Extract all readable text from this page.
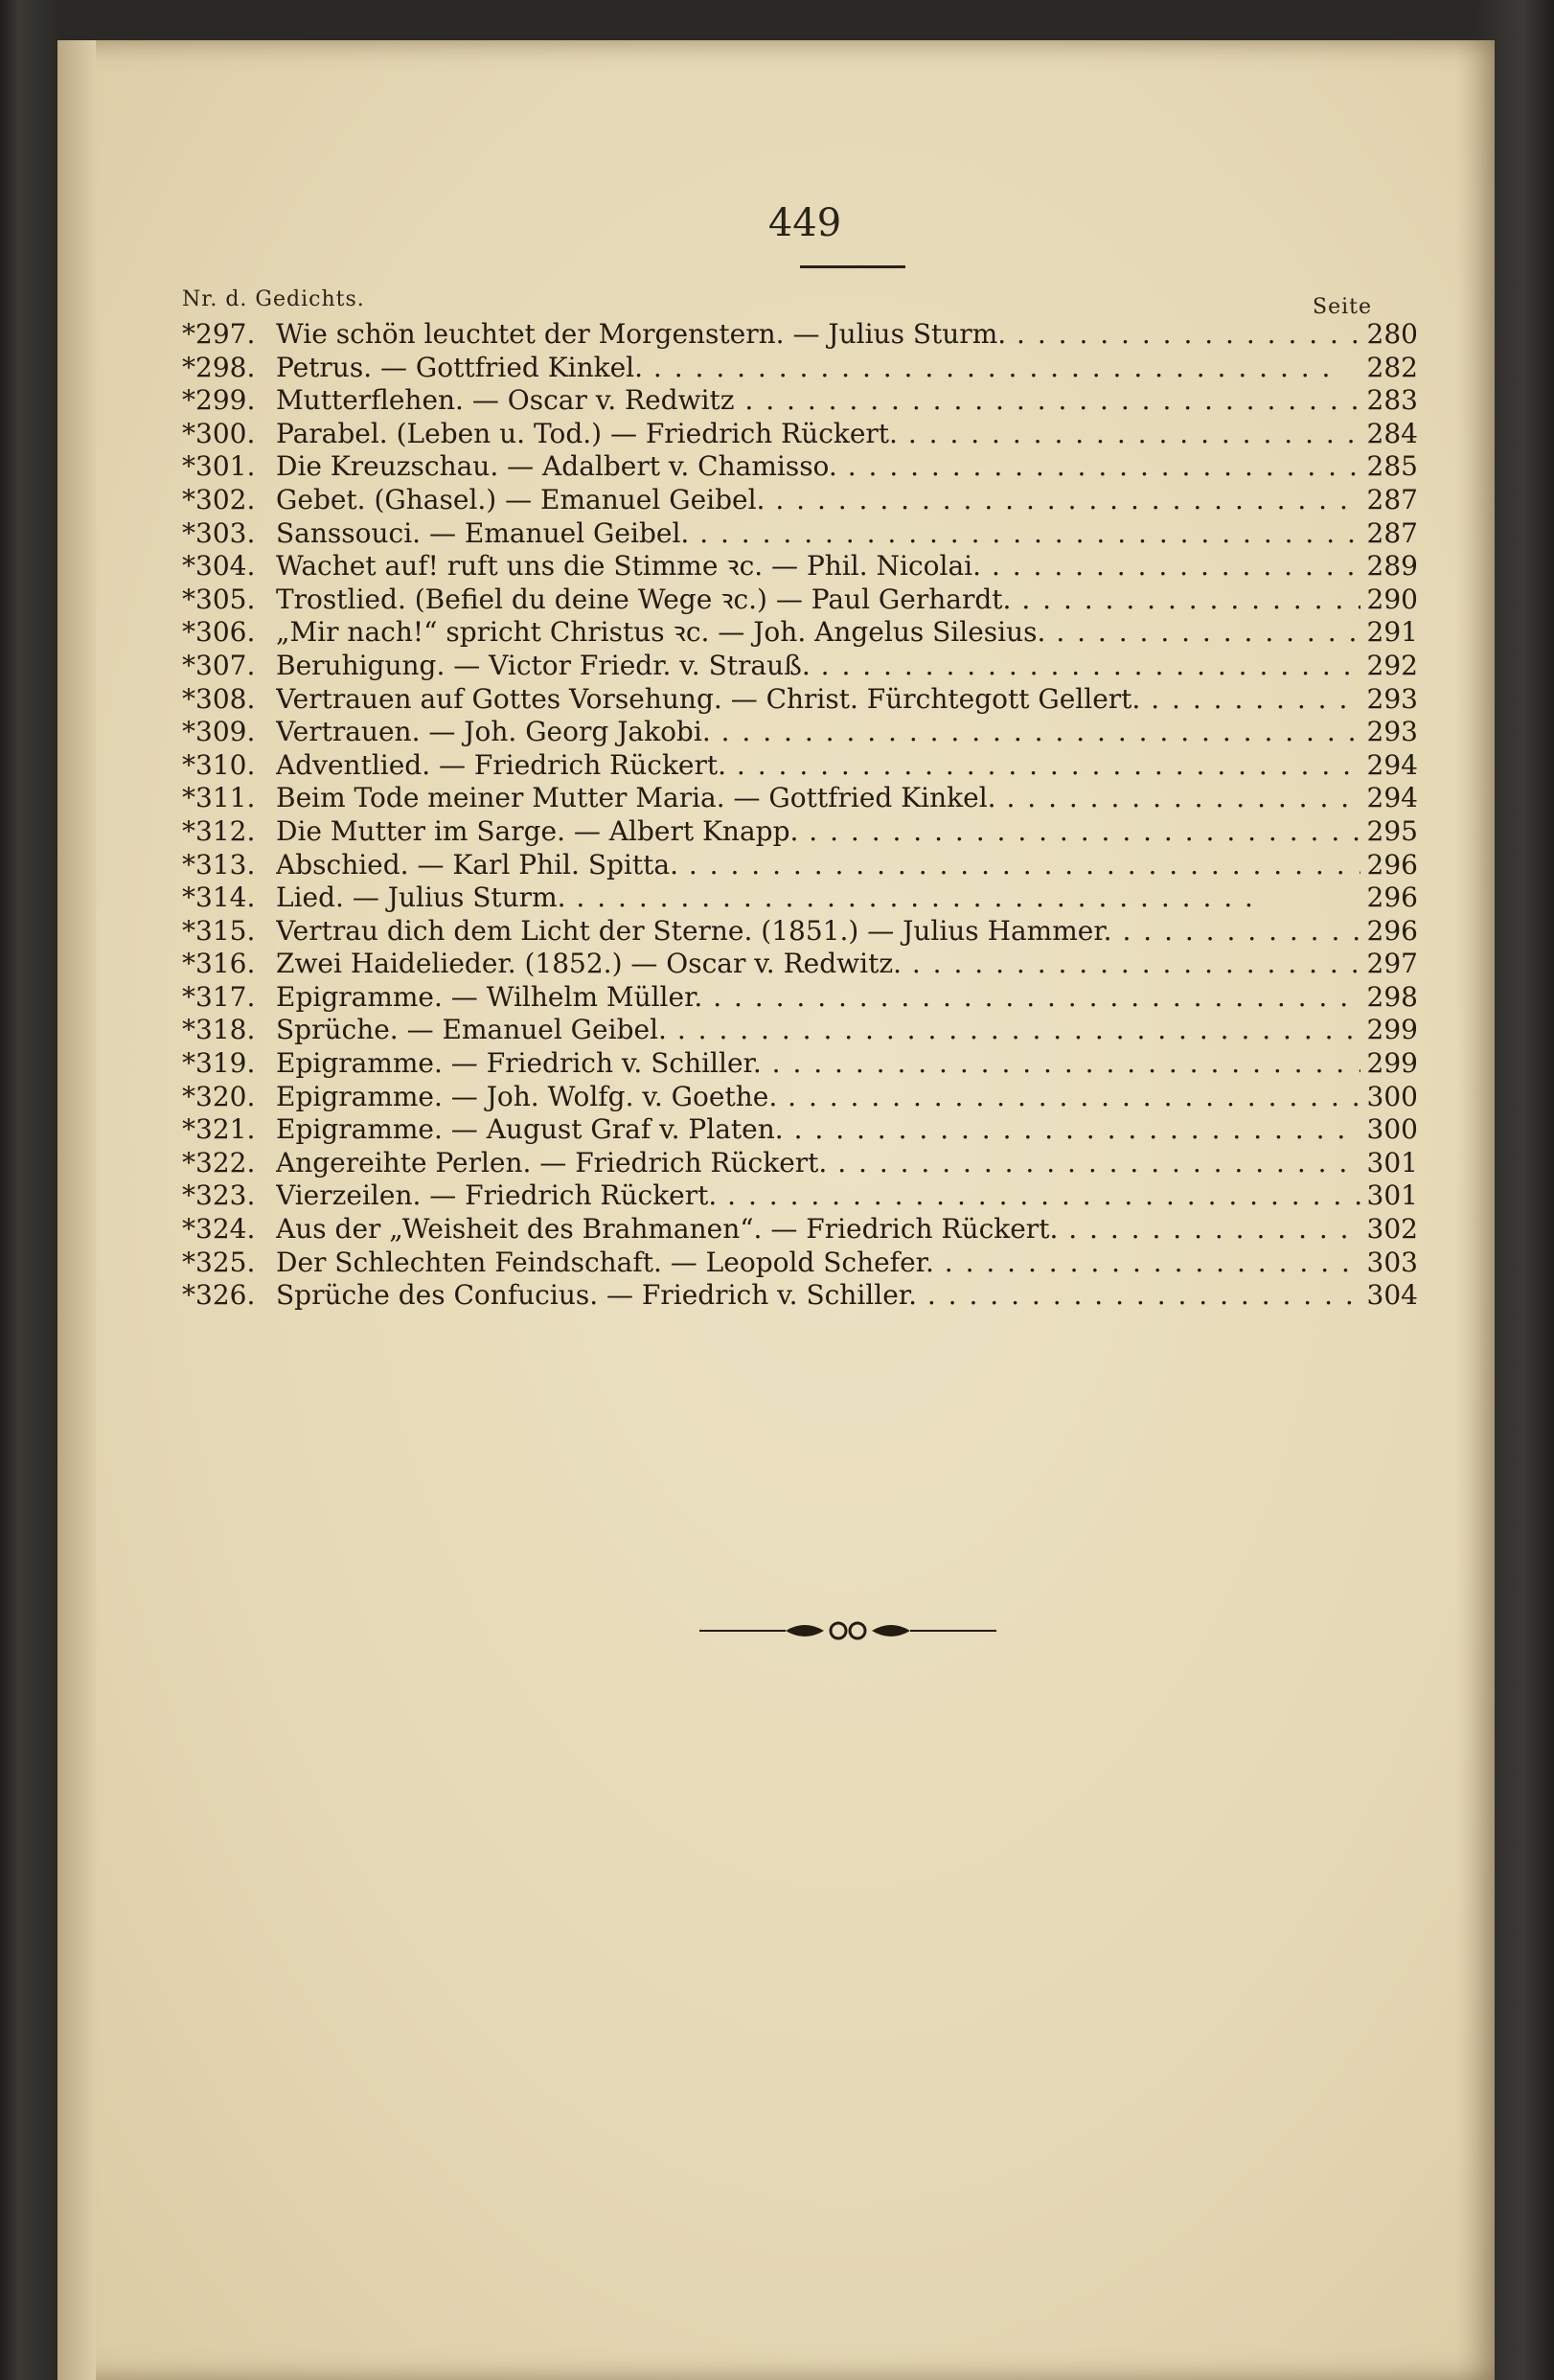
449
Nr. d. Gedichts.	Seite
*297. Wie schön leuchtet der Morgenstern. — Julius Sturm. . .	280
*298. Petrus. — Gottfried Kinkel. . .	282
*299. Mutterflehen. — Oscar v. Redwitz . .	283
*300. Parabel. (Leben u. Tod.) — Friedrich Rückert. . .	284
*301. Die Kreuzschau. — Adalbert v. Chamisso. . .	285
*302. Gebet. (Ghasel.) — Emanuel Geibel. . .	287
*303. Sanssouci. — Emanuel Geibel. . .	287
*304. Wachet auf! ruft uns die Stimme ꝛc. — Phil. Nicolai. . .	289
*305. Trostlied. (Befiel du deine Wege ꝛc.) — Paul Gerhardt. . .	290
*306. „Mir nach!“ spricht Christus ꝛc. — Joh. Angelus Silesius. . .	291
*307. Beruhigung. — Victor Friedr. v. Strauß. . .	292
*308. Vertrauen auf Gottes Vorsehung. — Christ. Fürchtegott Gellert. . .	293
*309. Vertrauen. — Joh. Georg Jakobi. . .	293
*310. Adventlied. — Friedrich Rückert. . .	294
*311. Beim Tode meiner Mutter Maria. — Gottfried Kinkel. . .	294
*312. Die Mutter im Sarge. — Albert Knapp. . .	295
*313. Abschied. — Karl Phil. Spitta. . .	296
*314. Lied. — Julius Sturm. . .	296
*315. Vertrau dich dem Licht der Sterne. (1851.) — Julius Hammer. . .	296
*316. Zwei Haidelieder. (1852.) — Oscar v. Redwitz. . .	297
*317. Epigramme. — Wilhelm Müller. . .	298
*318. Sprüche. — Emanuel Geibel. . .	299
*319. Epigramme. — Friedrich v. Schiller. . .	299
*320. Epigramme. — Joh. Wolfg. v. Goethe. . .	300
*321. Epigramme. — August Graf v. Platen. . .	300
*322. Angereihte Perlen. — Friedrich Rückert. . .	301
*323. Vierzeilen. — Friedrich Rückert. . .	301
*324. Aus der „Weisheit des Brahmanen“. — Friedrich Rückert. . .	302
*325. Der Schlechten Feindschaft. — Leopold Schefer. . .	303
*326. Sprüche des Confucius. — Friedrich v. Schiller. . .	304
